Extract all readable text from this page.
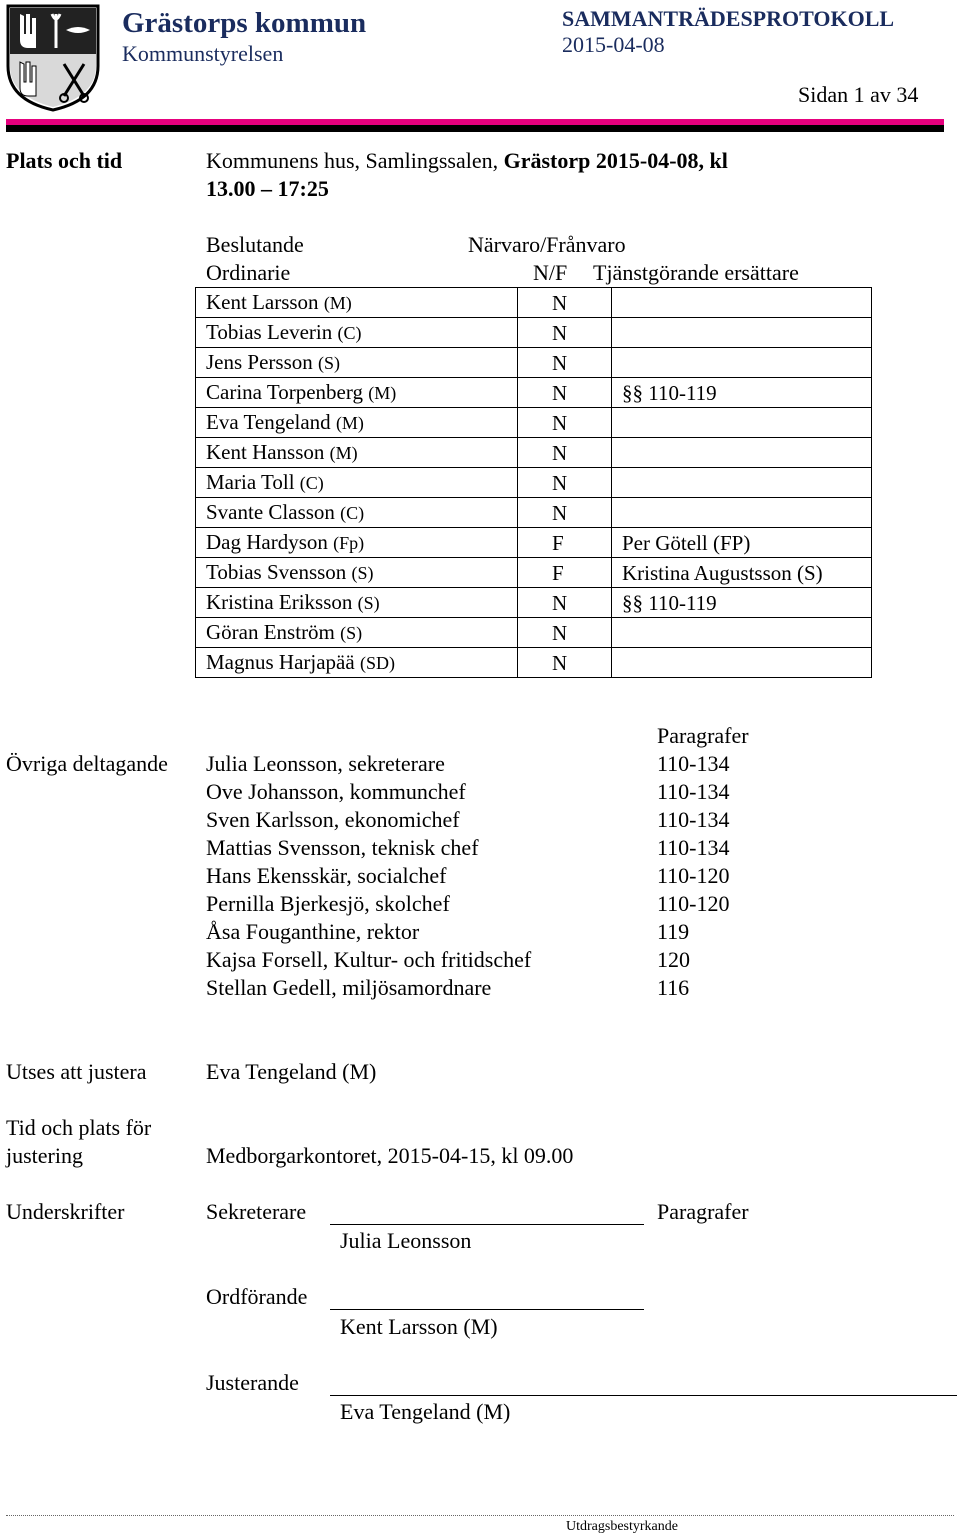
Grästorps kommun
Kommunstyrelsen
SAMMANTRÄDESPROTOKOLL
2015-04-08
Sidan 1 av 34
Plats och tid	Kommunens hus, Samlingssalen, Grästorp 2015-04-08, kl
13.00 – 17:25
Beslutande	Närvaro/Frånvaro
Ordinarie	N/F Tjänstgörande ersättare
Kent Larsson (M)	N	
Tobias Leverin (C)	N	
Jens Persson (S)	N	
Carina Torpenberg (M)	N	§§ 110-119
Eva Tengeland (M)	N	
Kent Hansson (M)	N	
Maria Toll (C)	N	
Svante Classon (C)	N	
Dag Hardyson (Fp)	F	Per Götell (FP)
Tobias Svensson (S)	F	Kristina Augustsson (S)
Kristina Eriksson (S)	N	§§ 110-119
Göran Enström (S)	N	
Magnus Harjapää (SD)	N	
Paragrafer
Övriga deltagande Julia Leonsson, sekreterare	110-134
Ove Johansson, kommunchef	110-134
Sven Karlsson, ekonomichef	110-134
Mattias Svensson, teknisk chef	110-134
Hans Ekensskär, socialchef	110-120
Pernilla Bjerkesjö, skolchef	110-120
Åsa Fouganthine, rektor	119
Kajsa Forsell, Kultur- och fritidschef	120
Stellan Gedell, miljösamordnare	116
Utses att justera	Eva Tengeland (M)
Tid och plats för
justering	Medborgarkontoret, 2015-04-15, kl 09.00
Underskrifter	Sekreterare	Paragrafer
Julia Leonsson
Ordförande
Kent Larsson (M)
Justerande
Eva Tengeland (M)
Utdragsbestyrkande
